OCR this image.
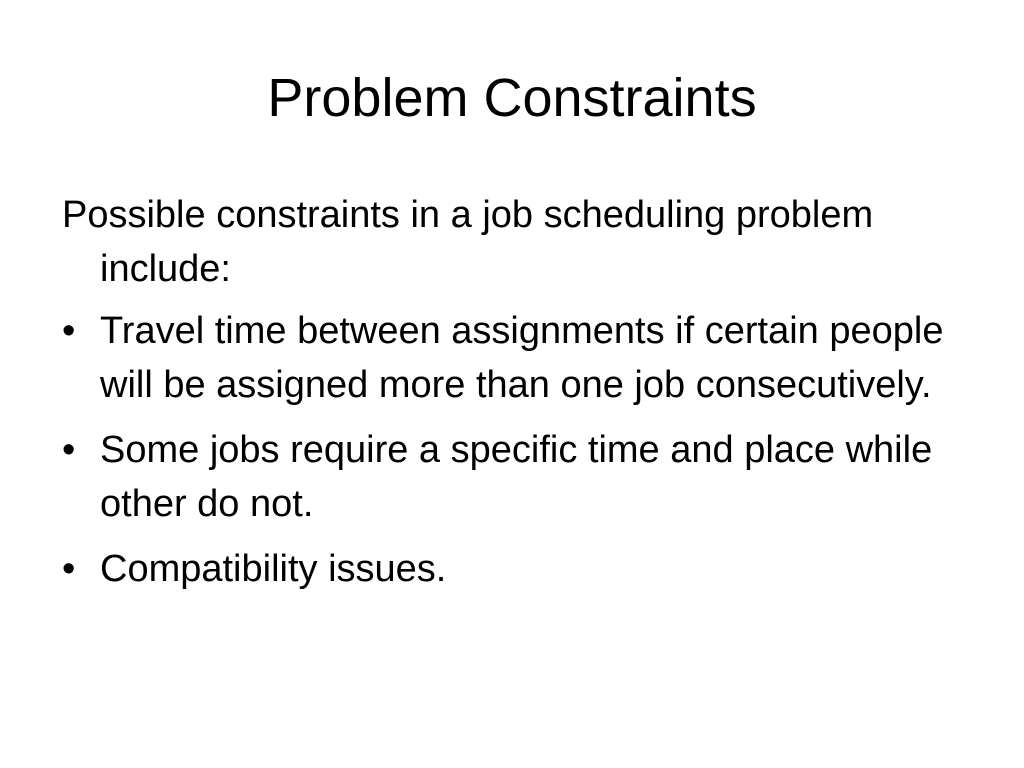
Problem Constraints

Possible constraints in a job scheduling problem include:

• Travel time between assignments if certain people will be assigned more than one job consecutively.
• Some jobs require a specific time and place while other do not.
• Compatibility issues.
